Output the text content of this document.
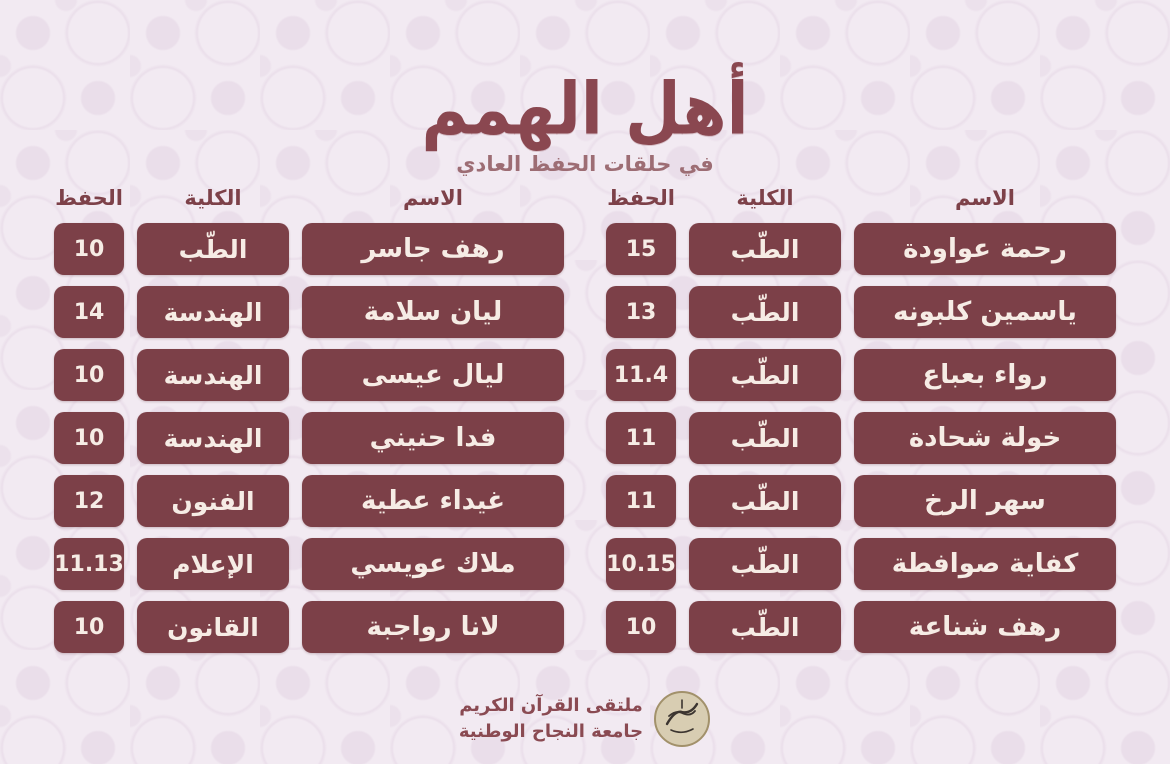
أهل الهمم
في حلقات الحفظ العادي
الاسم
الكلية
الحفظ
رحمة عواودة
الطّب
15
ياسمين كلبونه
الطّب
13
رواء بعباع
الطّب
11.4
خولة شحادة
الطّب
11
سهر الرخ
الطّب
11
كفاية صوافطة
الطّب
10.15
رهف شناعة
الطّب
10
الاسم
الكلية
الحفظ
رهف جاسر
الطّب
10
ليان سلامة
الهندسة
14
ليال عيسى
الهندسة
10
فدا حنيني
الهندسة
10
غيداء عطية
الفنون
12
ملاك عويسي
الإعلام
11.13
لانا رواجبة
القانون
10
ملتقى القرآن الكريم
جامعة النجاح الوطنية
